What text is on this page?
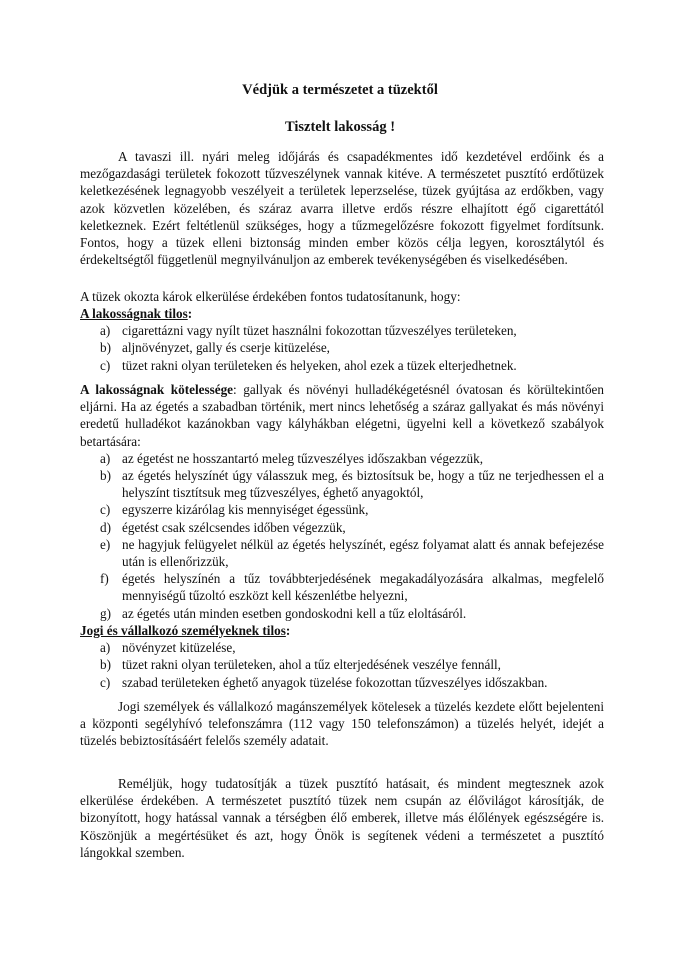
Védjük a természetet a tüzektől
Tisztelt lakosság !

A tavaszi ill. nyári meleg időjárás és csapadékmentes idő kezdetével erdőink és a mezőgazdasági területek fokozott tűzveszélynek vannak kitéve. A természetet pusztító erdőtüzek keletkezésének legnagyobb veszélyeit a területek leperzselése, tüzek gyújtása az erdőkben, vagy azok közvetlen közelében, és száraz avarra illetve erdős részre elhajított égő cigarettától keletkeznek. Ezért feltétlenül szükséges, hogy a tűzmegelőzésre fokozott figyelmet fordítsunk. Fontos, hogy a tüzek elleni biztonság minden ember közös célja legyen, korosztálytól és érdekeltségtől függetlenül megnyilvánuljon az emberek tevékenységében és viselkedésében.

A tüzek okozta károk elkerülése érdekében fontos tudatosítanunk, hogy:

A lakosságnak tilos:
a) cigarettázni vagy nyílt tüzet használni fokozottan tűzveszélyes területeken,
b) aljnövényzet, gally és cserje kitüzelése,
c) tüzet rakni olyan területeken és helyeken, ahol ezek a tüzek elterjedhetnek.

A lakosságnak kötelessége: gallyak és növényi hulladékégetésnél óvatosan és körültekintően eljárni. Ha az égetés a szabadban történik, mert nincs lehetőség a száraz gallyakat és más növényi eredetű hulladékot kazánokban vagy kályhákban elégetni, ügyelni kell a következő szabályok betartására:

a) az égetést ne hosszantartó meleg tűzveszélyes időszakban végezzük,
b) az égetés helyszínét úgy válasszuk meg, és biztosítsuk be, hogy a tűz ne terjedhessen el a helyszínt tisztítsuk meg tűzveszélyes, éghető anyagoktól,
c) egyszerre kizárólag kis mennyiséget égessünk,
d) égetést csak szélcsendes időben végezzük,
e) ne hagyjuk felügyelet nélkül az égetés helyszínét, egész folyamat alatt és annak befejezése után is ellenőrizzük,
f) égetés helyszínén a tűz továbbterjedésének megakadályozására alkalmas, megfelelő mennyiségű tűzoltó eszközt kell készenlétbe helyezni,
g) az égetés után minden esetben gondoskodni kell a tűz eloltásáról.
Jogi és vállalkozó személyeknek tilos:
a) növényzet kitüzelése,
b) tüzet rakni olyan területeken, ahol a tűz elterjedésének veszélye fennáll,
c) szabad területeken éghető anyagok tüzelése fokozottan tűzveszélyes időszakban.

Jogi személyek és vállalkozó magánszemélyek kötelesek a tüzelés kezdete előtt bejelenteni a központi segélyhívó telefonszámra (112 vagy 150 telefonszámon) a tüzelés helyét, idejét a tüzelés bebiztosításáért felelős személy adatait.

Reméljük, hogy tudatosítják a tüzek pusztító hatásait, és mindent megtesznek azok elkerülése érdekében. A természetet pusztító tüzek nem csupán az élővilágot károsítják, de bizonyított, hogy hatással vannak a térségben élő emberek, illetve más élőlények egészségére is. Köszönjük a megértésüket és azt, hogy Önök is segítenek védeni a természetet a pusztító lángokkal szemben.
